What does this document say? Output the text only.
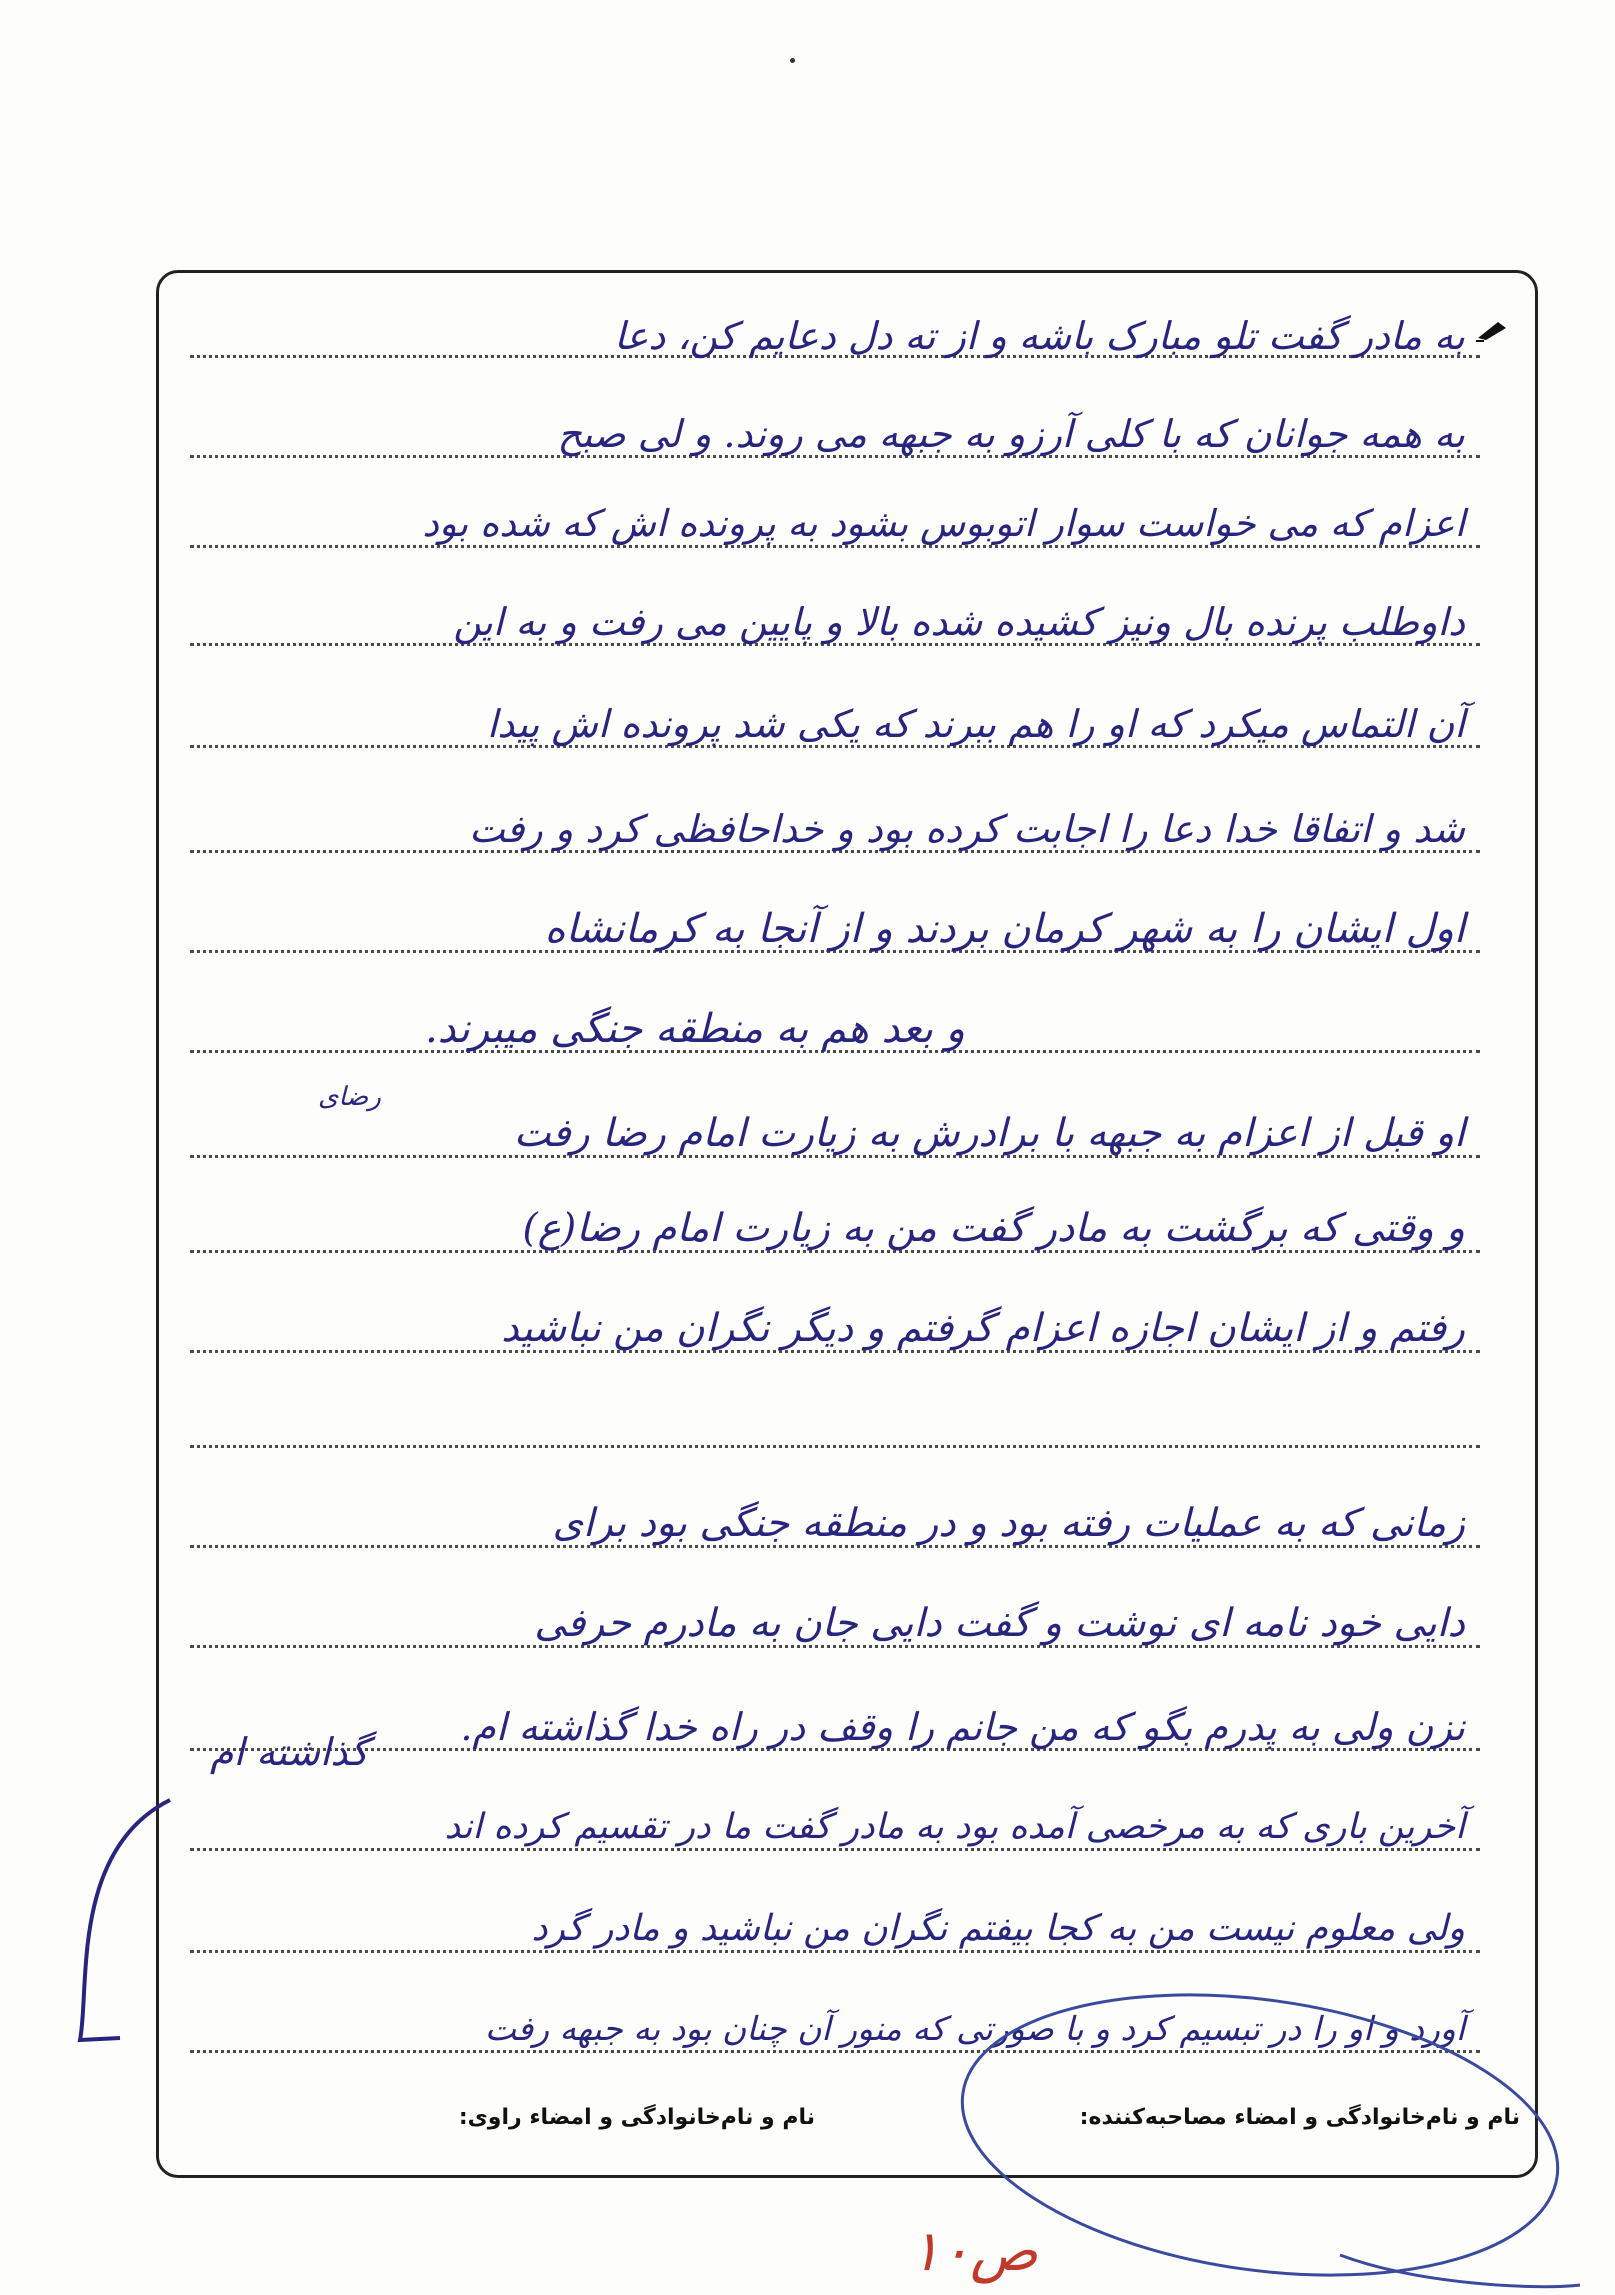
به مادر گفت تلو مبارک باشه و از ته دل دعایم کن، دعا
به همه جوانان که با کلی آرزو به جبهه می روند. و لی صبح
اعزام که می خواست سوار اتوبوس بشود به پرونده اش که شده بود
داوطلب پرنده بال ونیز کشیده شده بالا و پایین می رفت و به این
آن التماس میکرد که او را هم ببرند که یکی شد پرونده اش پیدا
شد و اتفاقا خدا دعا را اجابت کرده بود و خداحافظی کرد و رفت
اول ایشان را به شهر کرمان بردند و از آنجا به کرمانشاه
و بعد هم به منطقه جنگی میبرند.
رضای
او قبل از اعزام به جبهه با برادرش به زیارت امام رضا رفت
و وقتی که برگشت به مادر گفت من به زیارت امام رضا(ع)
رفتم و از ایشان اجازه اعزام گرفتم و دیگر نگران من نباشید
زمانی که به عملیات رفته بود و در منطقه جنگی بود برای
دایی خود نامه ای نوشت و گفت دایی جان به مادرم حرفی
نزن ولی به پدرم بگو که من جانم را وقف در راه خدا گذاشته ام.
آخرین باری که به مرخصی آمده بود به مادر گفت ما در تقسیم کرده اند
ولی معلوم نیست من به کجا بیفتم نگران من نباشید و مادر گرد
آورد و او را در تبسیم کرد و با صورتی که منور آن چنان بود به جبهه رفت
گذاشته ام
نام و نام‌خانوادگی و امضاء مصاحبه‌کننده:
نام و نام‌خانوادگی و امضاء راوی:
ص۱۰
